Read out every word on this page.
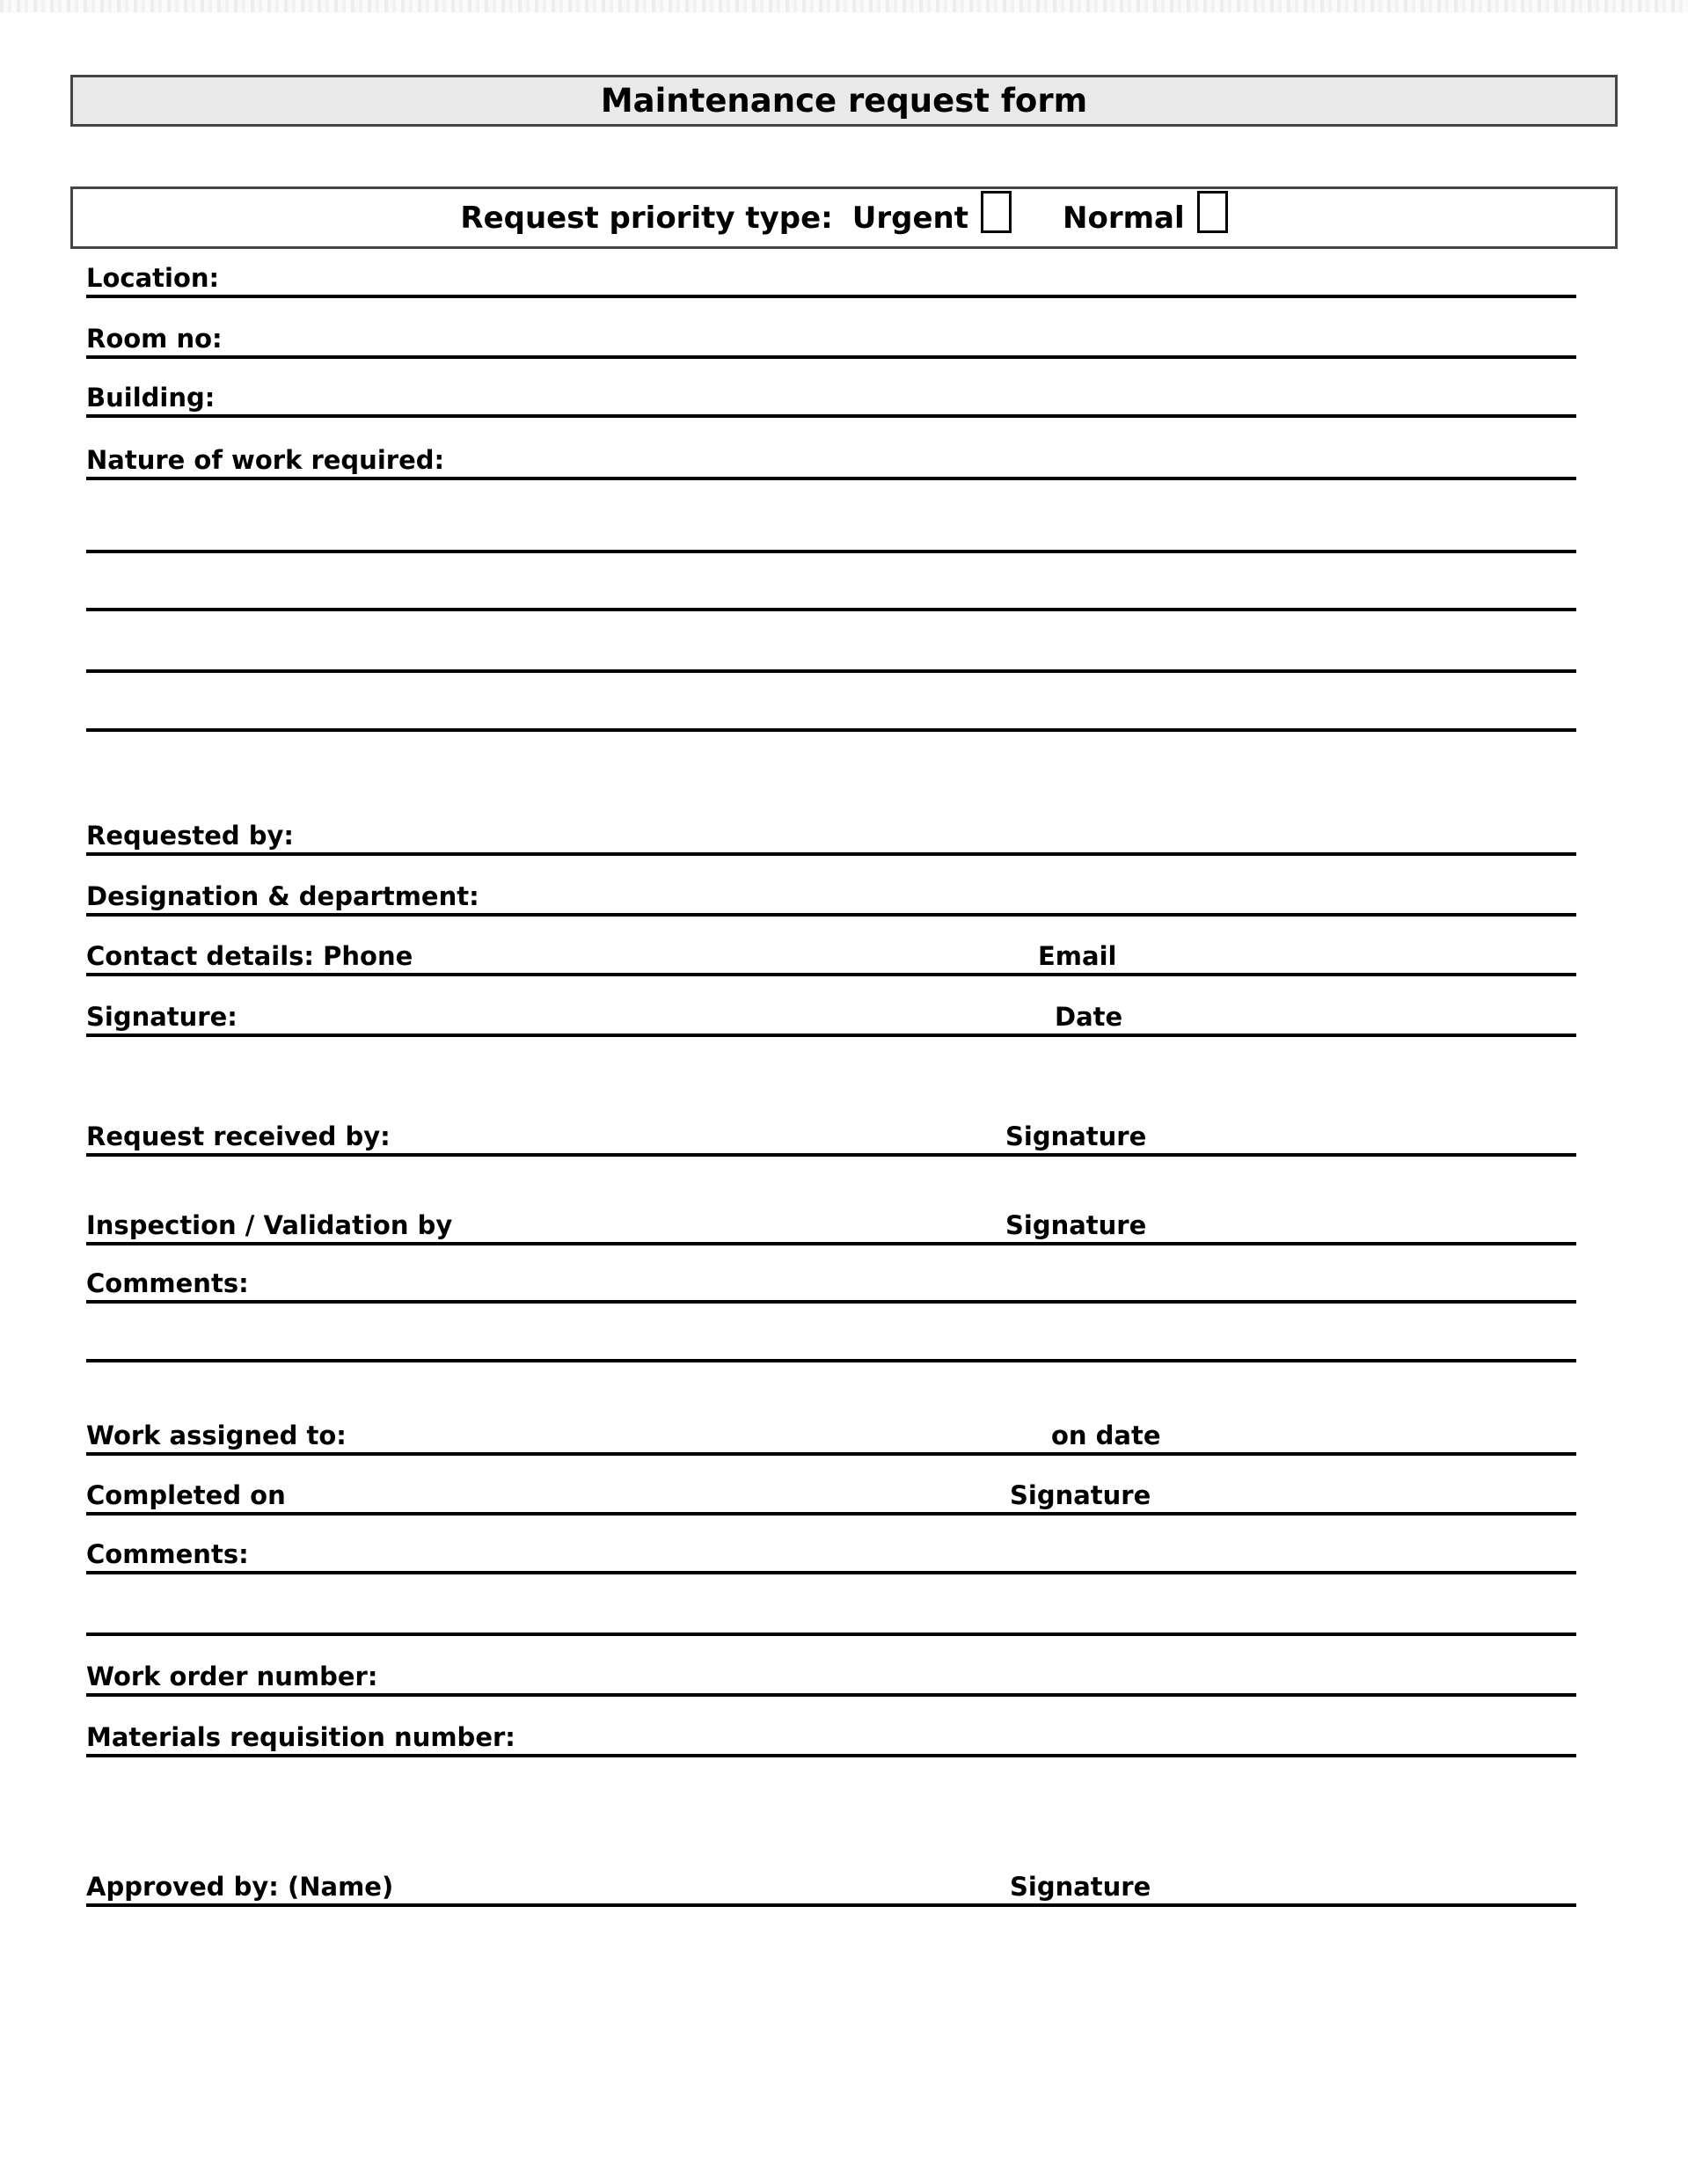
Maintenance request form
Request priority type: Urgent	Normal
Location:
Room no:
Building:
Nature of work required:
Requested by:
Designation & department:
Contact details: Phone	Email
Signature:	Date
Request received by:	Signature
Inspection / Validation by	Signature
Comments:
Work assigned to:	on date
Completed on	Signature
Comments:
Work order number:
Materials requisition number:
Approved by: (Name)	Signature
